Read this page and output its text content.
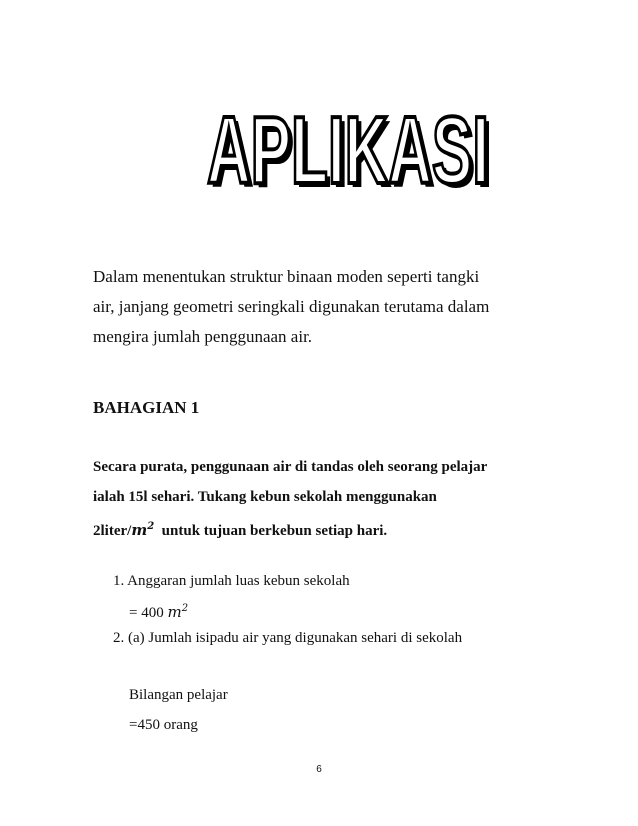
APLIKASI
APLIKASI
Dalam menentukan struktur binaan moden seperti tangki
air, janjang geometri seringkali digunakan terutama dalam
mengira jumlah penggunaan air.

BAHAGIAN 1

Secara purata, penggunaan air di tandas oleh seorang pelajar
ialah 15l sehari. Tukang kebun sekolah menggunakan
$2liter/m^2$  untuk tujuan berkebun setiap hari.

1. Anggaran jumlah luas kebun sekolah

= 400 $m^2$

2. (a) Jumlah isipadu air yang digunakan sehari di sekolah

Bilangan pelajar

=450 orang

6
